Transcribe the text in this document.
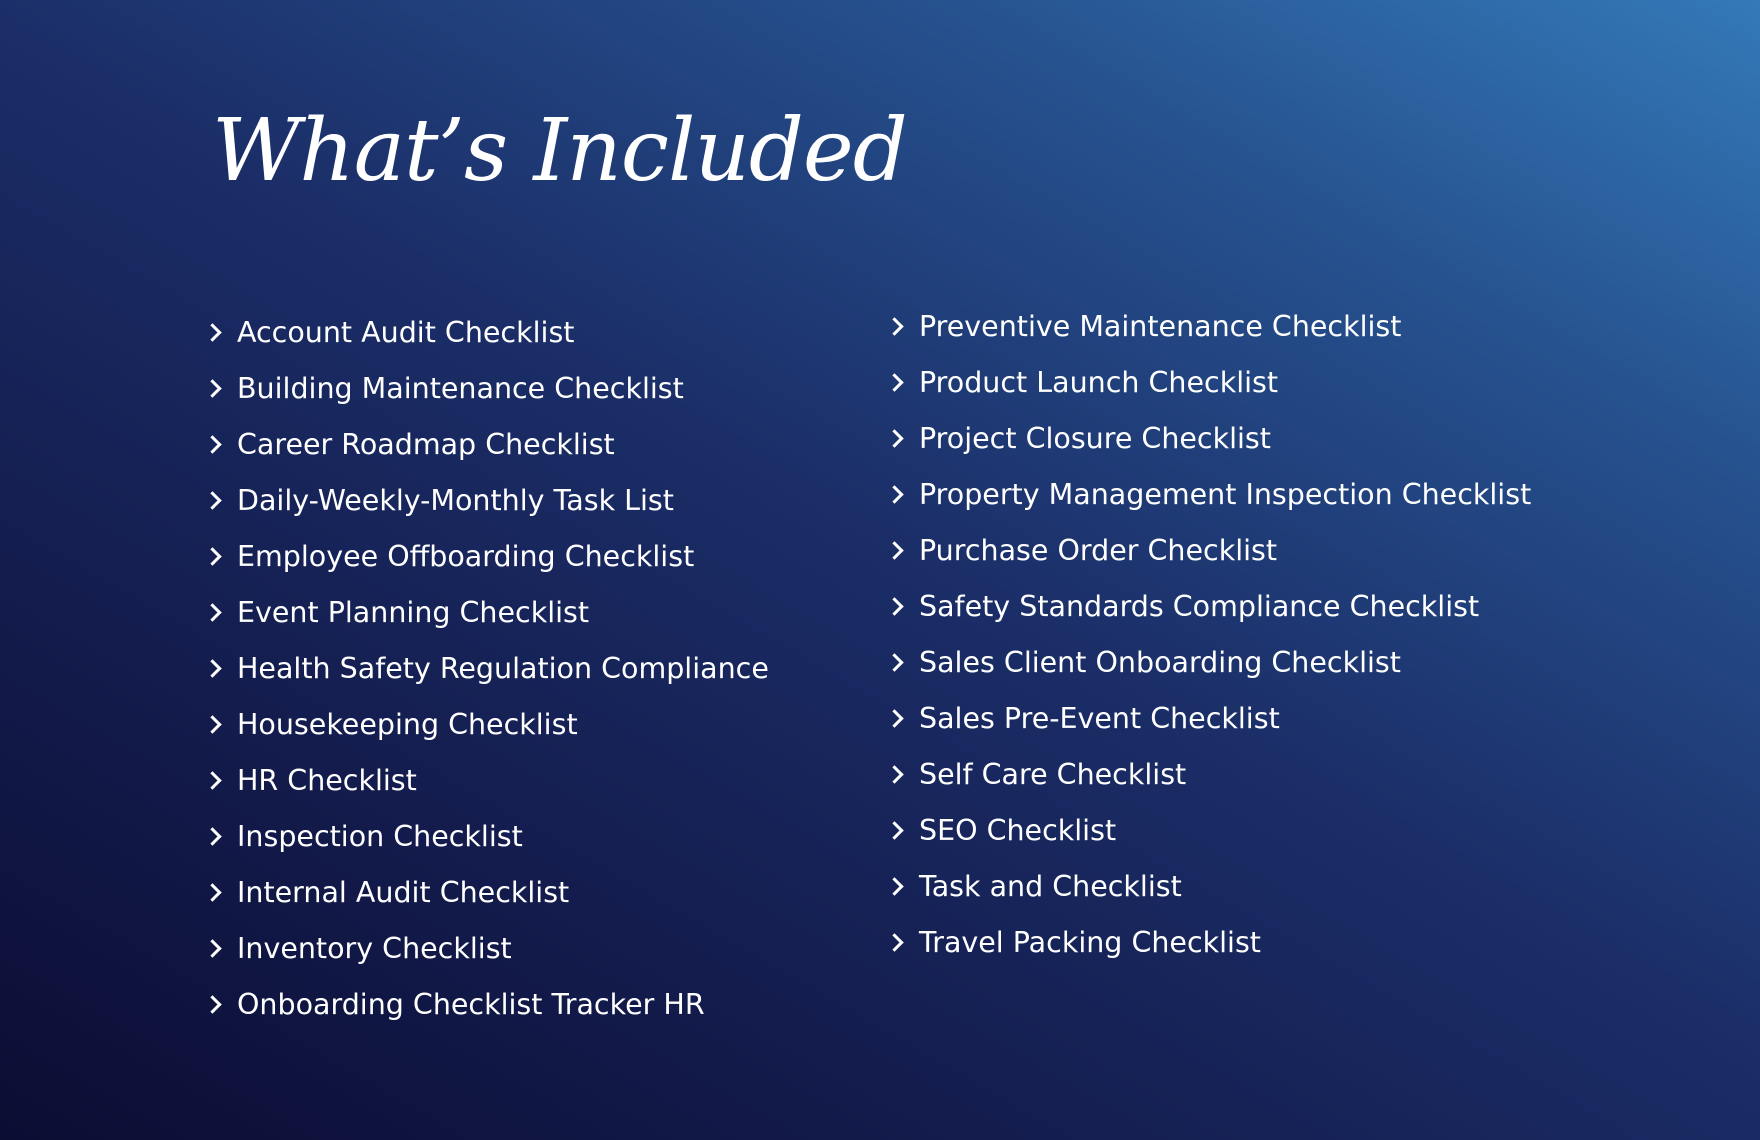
What’s Included
Account Audit Checklist
Building Maintenance Checklist
Career Roadmap Checklist
Daily-Weekly-Monthly Task List
Employee Offboarding Checklist
Event Planning Checklist
Health Safety Regulation Compliance
Housekeeping Checklist
HR Checklist
Inspection Checklist
Internal Audit Checklist
Inventory Checklist
Onboarding Checklist Tracker HR
Preventive Maintenance Checklist
Product Launch Checklist
Project Closure Checklist
Property Management Inspection Checklist
Purchase Order Checklist
Safety Standards Compliance Checklist
Sales Client Onboarding Checklist
Sales Pre-Event Checklist
Self Care Checklist
SEO Checklist
Task and Checklist
Travel Packing Checklist
